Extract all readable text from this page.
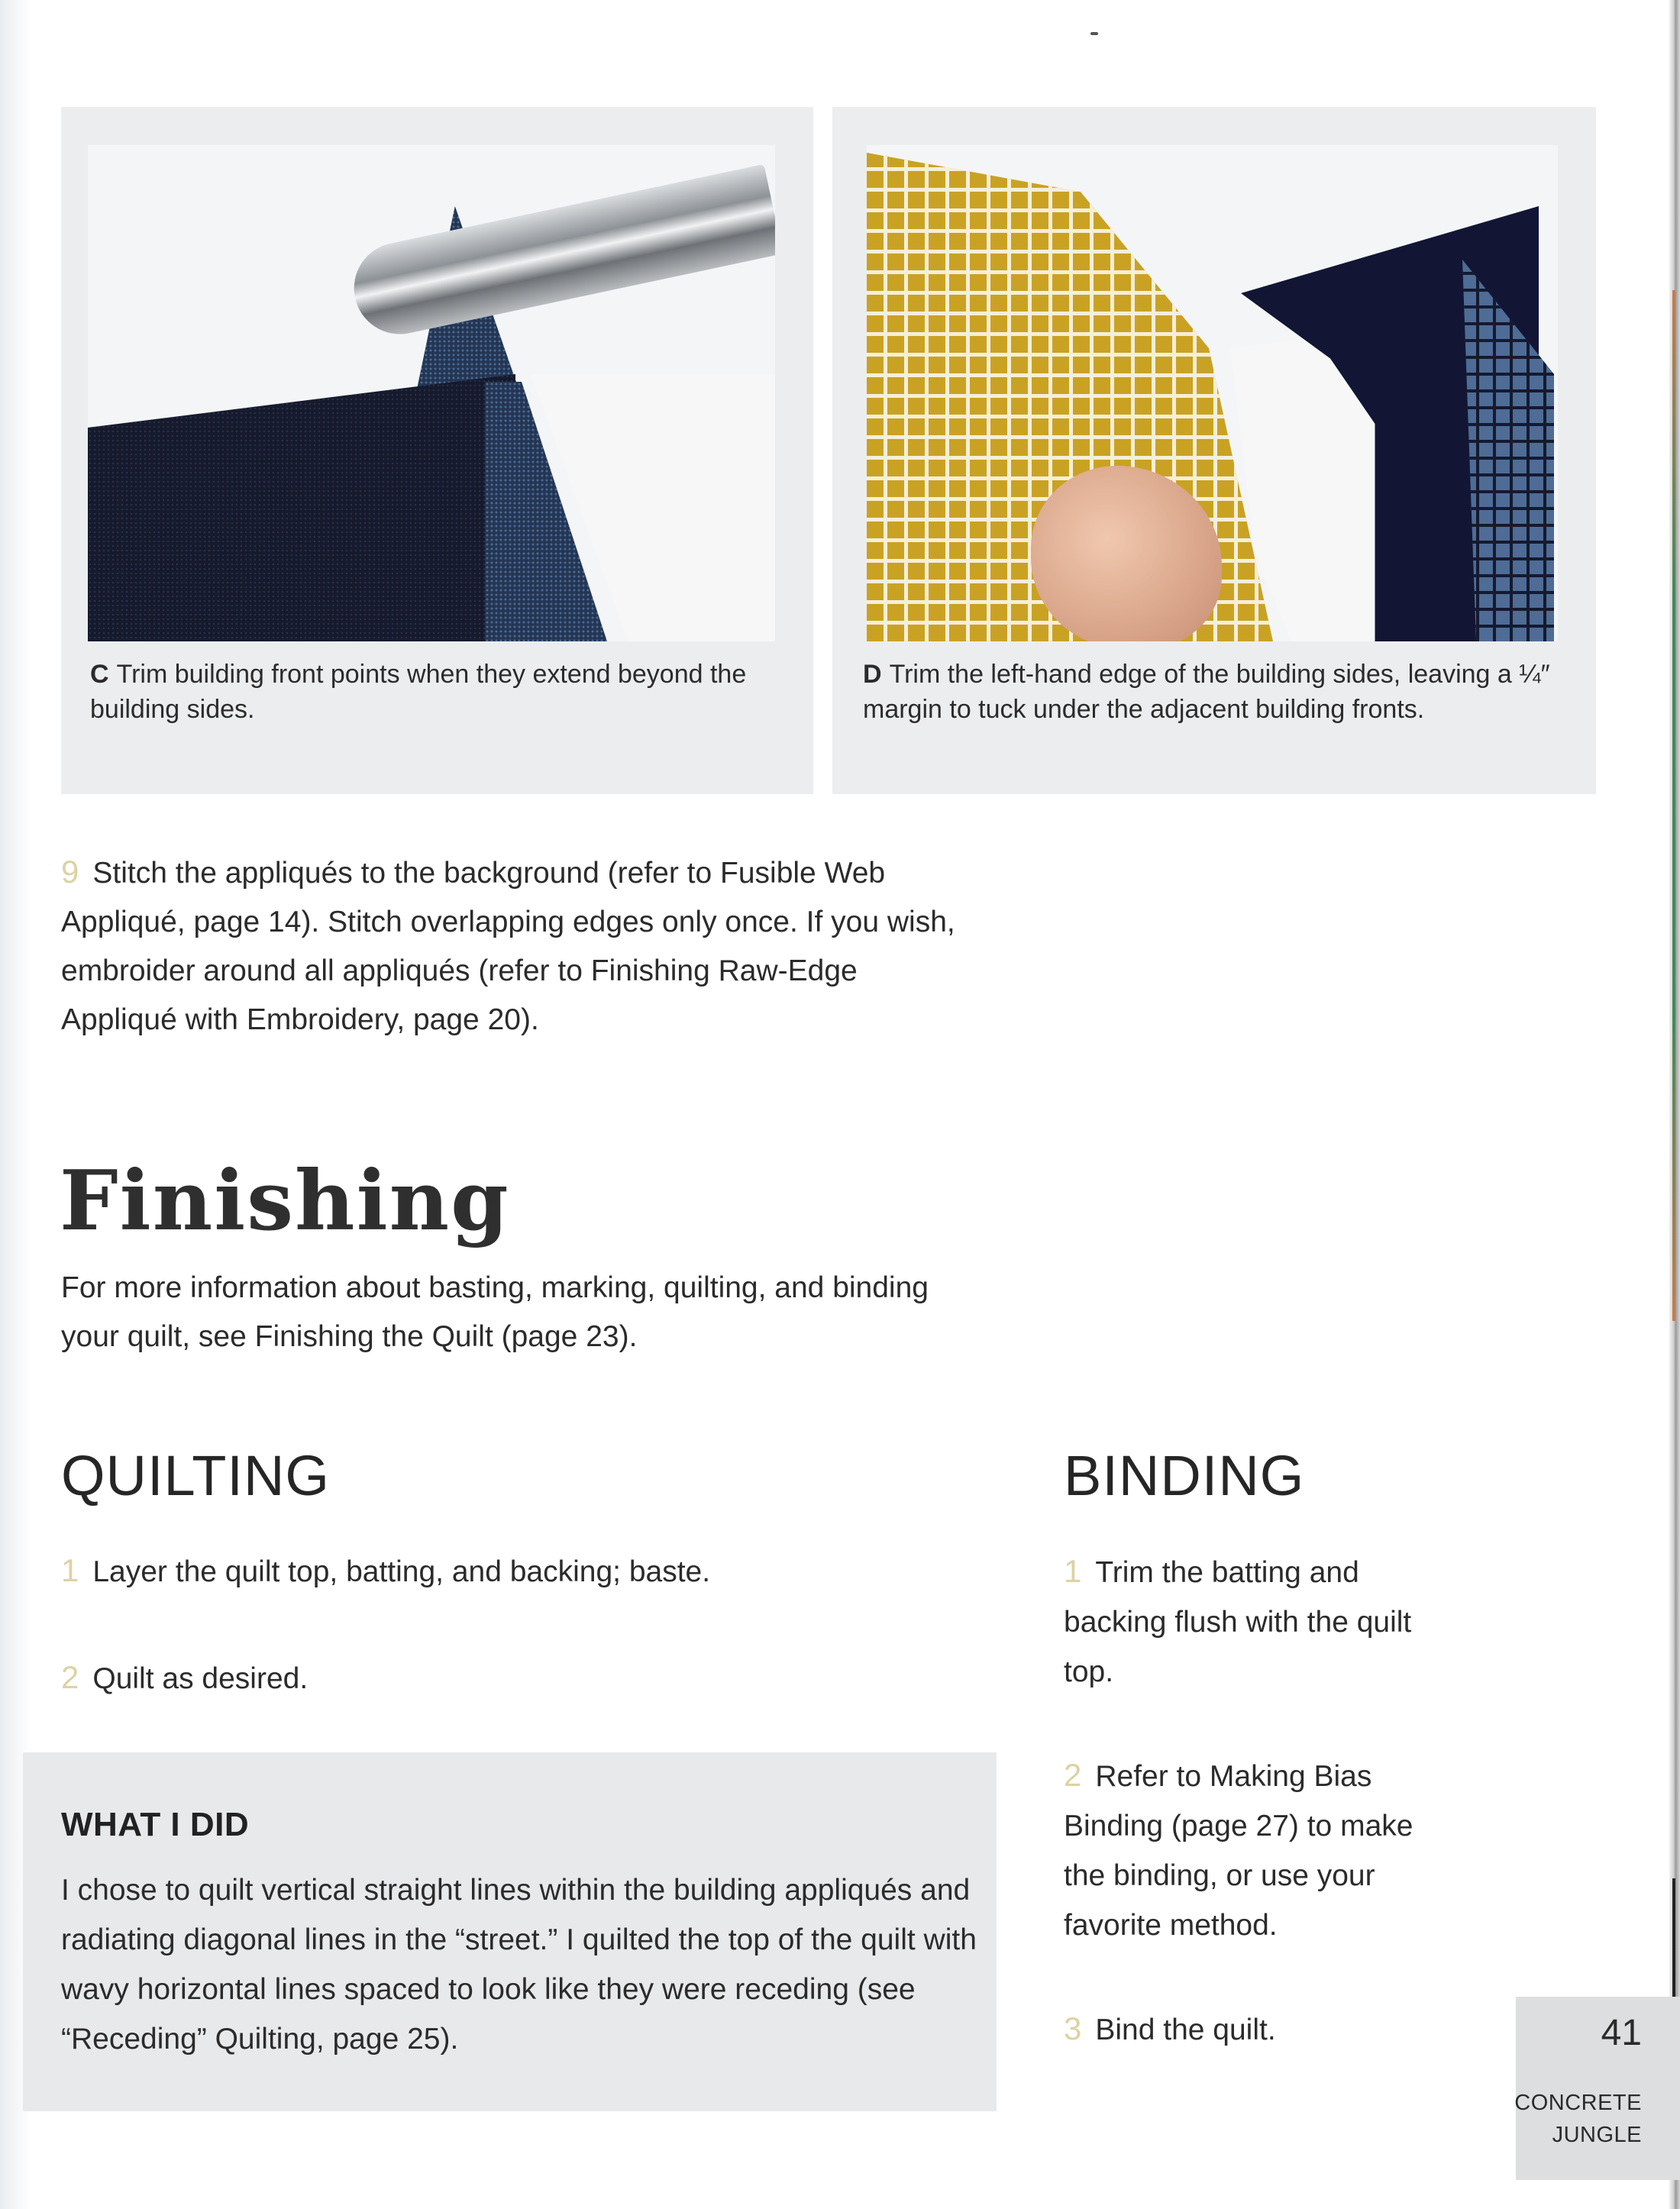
C Trim building front points when they extend beyond the building sides.
D Trim the left-hand edge of the building sides, leaving a ¼″ margin to tuck under the adjacent building fronts.
9 Stitch the appliqués to the background (refer to Fusible Web Appliqué, page 14). Stitch overlapping edges only once. If you wish, embroider around all appliqués (refer to Finishing Raw-Edge Appliqué with Embroidery, page 20).
Finishing
For more information about basting, marking, quilting, and binding your quilt, see Finishing the Quilt (page 23).
QUILTING
1 Layer the quilt top, batting, and backing; baste.
2 Quilt as desired.
WHAT I DID
I chose to quilt vertical straight lines within the building appliqués and radiating diagonal lines in the “street.” I quilted the top of the quilt with wavy horizontal lines spaced to look like they were receding (see “Receding” Quilting, page 25).
BINDING
1 Trim the batting and backing flush with the quilt top.
2 Refer to Making Bias Binding (page 27) to make the binding, or use your favorite method.
3 Bind the quilt.	41
CONCRETE
JUNGLE
